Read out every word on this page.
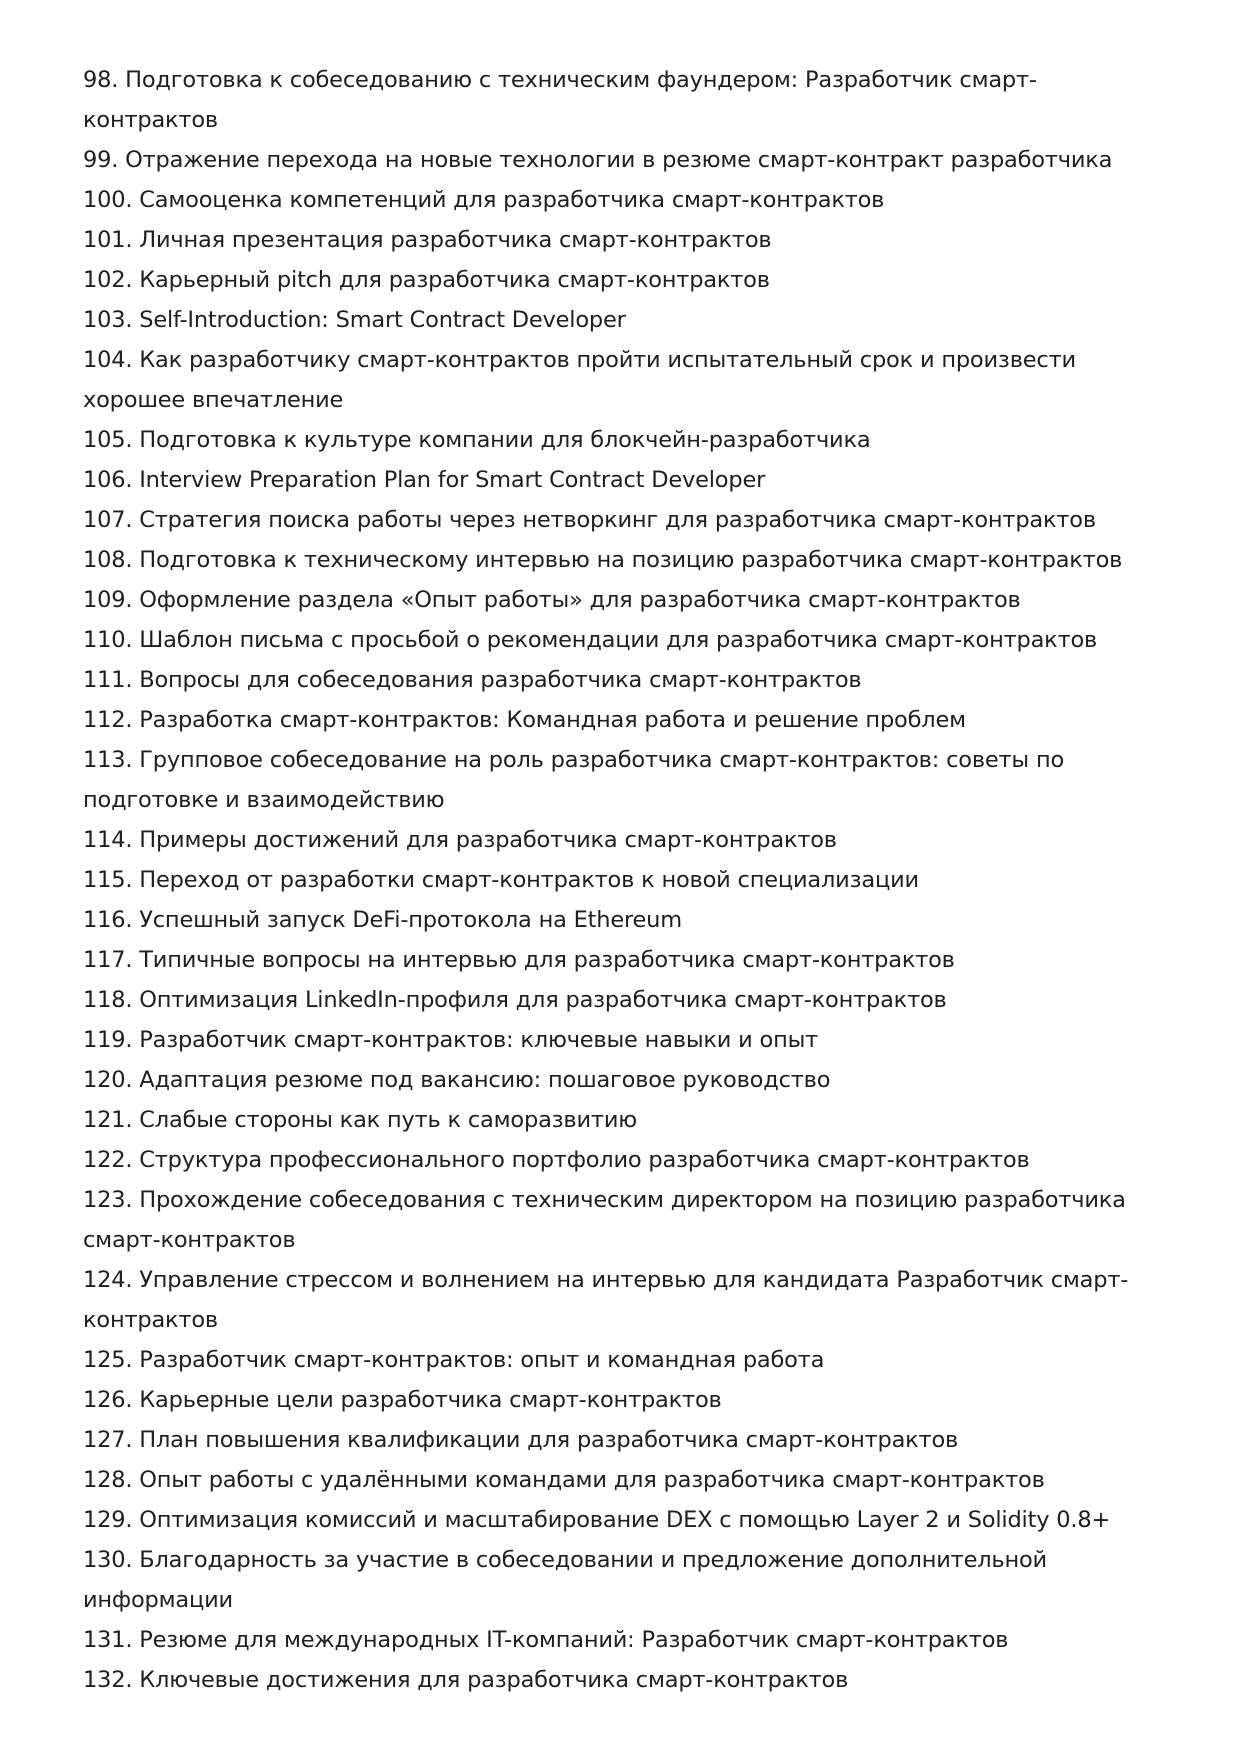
98. Подготовка к собеседованию с техническим фаундером: Разработчик смарт-контрактов

99. Отражение перехода на новые технологии в резюме смарт-контракт разработчика

100. Самооценка компетенций для разработчика смарт-контрактов

101. Личная презентация разработчика смарт-контрактов

102. Карьерный pitch для разработчика смарт-контрактов

103. Self-Introduction: Smart Contract Developer

104. Как разработчику смарт-контрактов пройти испытательный срок и произвести хорошее впечатление

105. Подготовка к культуре компании для блокчейн-разработчика

106. Interview Preparation Plan for Smart Contract Developer

107. Стратегия поиска работы через нетворкинг для разработчика смарт-контрактов

108. Подготовка к техническому интервью на позицию разработчика смарт-контрактов

109. Оформление раздела «Опыт работы» для разработчика смарт-контрактов

110. Шаблон письма с просьбой о рекомендации для разработчика смарт-контрактов

111. Вопросы для собеседования разработчика смарт-контрактов

112. Разработка смарт-контрактов: Командная работа и решение проблем

113. Групповое собеседование на роль разработчика смарт-контрактов: советы по подготовке и взаимодействию

114. Примеры достижений для разработчика смарт-контрактов

115. Переход от разработки смарт-контрактов к новой специализации

116. Успешный запуск DeFi-протокола на Ethereum

117. Типичные вопросы на интервью для разработчика смарт-контрактов

118. Оптимизация LinkedIn-профиля для разработчика смарт-контрактов

119. Разработчик смарт-контрактов: ключевые навыки и опыт

120. Адаптация резюме под вакансию: пошаговое руководство

121. Слабые стороны как путь к саморазвитию

122. Структура профессионального портфолио разработчика смарт-контрактов

123. Прохождение собеседования с техническим директором на позицию разработчика смарт-контрактов

124. Управление стрессом и волнением на интервью для кандидата Разработчик смарт-контрактов

125. Разработчик смарт-контрактов: опыт и командная работа

126. Карьерные цели разработчика смарт-контрактов

127. План повышения квалификации для разработчика смарт-контрактов

128. Опыт работы с удалёнными командами для разработчика смарт-контрактов

129. Оптимизация комиссий и масштабирование DEX с помощью Layer 2 и Solidity 0.8+

130. Благодарность за участие в собеседовании и предложение дополнительной информации

131. Резюме для международных IT-компаний: Разработчик смарт-контрактов

132. Ключевые достижения для разработчика смарт-контрактов
